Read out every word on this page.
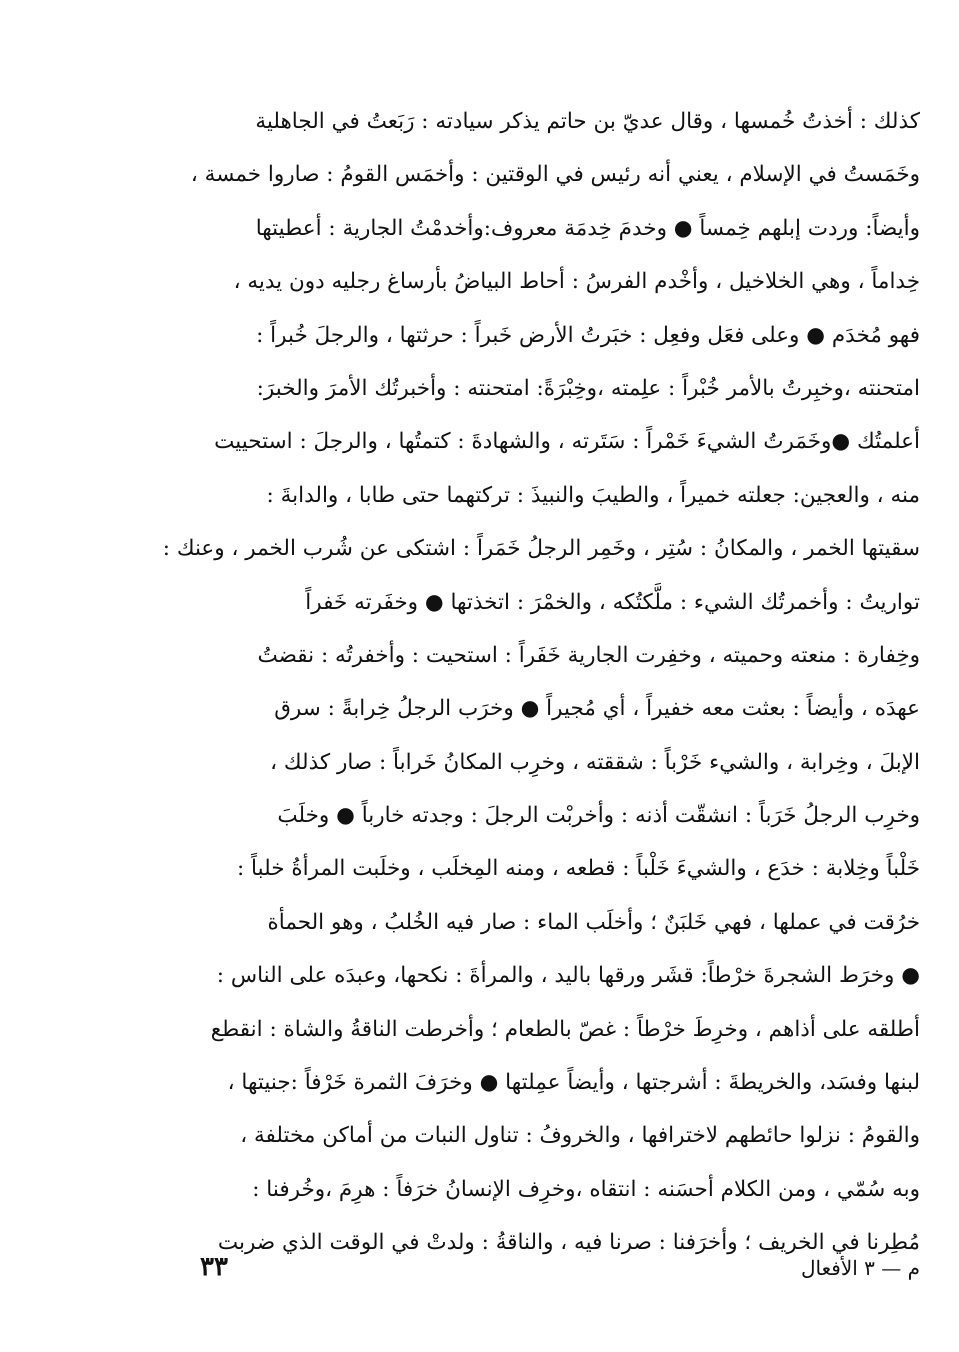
كذلك : أخذتُ خُمسها ، وقال عديّ بن حاتم يذكر سيادته : رَبَعتُ في الجاهلية
وخَمَستُ في الإسلام ، يعني أنه رئيس في الوقتين : وأخمَس القومُ : صاروا خمسة ،
وأيضاً: وردت إبلهم خِمساً ● وخدمَ خِدمَة معروف:وأخدمْتُ الجارية : أعطيتها
خِداماً ، وهي الخلاخيل ، وأخْدم الفرسُ : أحاط البياضُ بأرساغ رجليه دون يديه ،
فهو مُخدَم ● وعلى فعَل وفعِل : خبَرتُ الأرض خَبراً : حرثتها ، والرجلَ خُبراً :
امتحنته ،وخبِرتُ بالأمر خُبْراً : علِمته ،وخِبْرَةً: امتحنته : وأخبرتُك الأمرَ والخبرَ:
أعلمتُك ●وخَمَرتُ الشيءَ خَمْراً : سَتَرته ، والشهادةَ : كتمتُها ، والرجلَ : استحييت
منه ، والعجين: جعلته خميراً ، والطيبَ والنبيذَ : تركتهما حتى طابا ، والدابةَ :
سقيتها الخمر ، والمكانُ : سُتِر ، وخَمِر الرجلُ خَمَراً : اشتكى عن شُرب الخمر ، وعنك :
تواريتُ : وأخمرتُك الشيء : ملَّكتُكه ، والخمْرَ : اتخذتها ● وخفَرته خَفراً
وخِفارة : منعته وحميته ، وخفِرت الجارية خَفَراً : استحيت : وأخفرتُه : نقضتُ
عهدَه ، وأيضاً : بعثت معه خفيراً ، أي مُجيراً ● وخرَب الرجلُ خِرابةً : سرق
الإبلَ ، وخِرابة ، والشيء خَرْباً : شققته ، وخرِب المكانُ خَراباً : صار كذلك ،
وخرِب الرجلُ خَرَباً : انشقّت أذنه : وأخربْت الرجلَ : وجدته خارباً ● وخلَبَ
خَلْباً وخِلابة : خدَع ، والشيءَ خَلْباً : قطعه ، ومنه المِخلَب ، وخلَبت المرأةُ خلباً :
خرُقت في عملها ، فهي خَلبَنٌ ؛ وأخلَب الماء : صار فيه الخُلبُ ، وهو الحمأة
● وخرَط الشجرةَ خرْطاً: قشَر ورقها باليد ، والمرأةَ : نكحها، وعبدَه على الناس :
أطلقه على أذاهم ، وخرِطَ خرْطاً : غصّ بالطعام ؛ وأخرطت الناقةُ والشاة : انقطع
لبنها وفسَد، والخريطةَ : أشرجتها ، وأيضاً عمِلتها ● وخرَفَ الثمرة خَرْفاً :جنيتها ،
والقومُ : نزلوا حائطهم لاخترافها ، والخروفُ : تناول النبات من أماكن مختلفة ،
وبه سُمّي ، ومن الكلام أحسَنه : انتقاه ،وخرِف الإنسانُ خرَفاً : هرِمَ ،وخُرفنا :
مُطِرنا في الخريف ؛ وأخرَفنا : صرنا فيه ، والناقةُ : ولدتْ في الوقت الذي ضربت
م — ٣ الأفعال
٣٣
